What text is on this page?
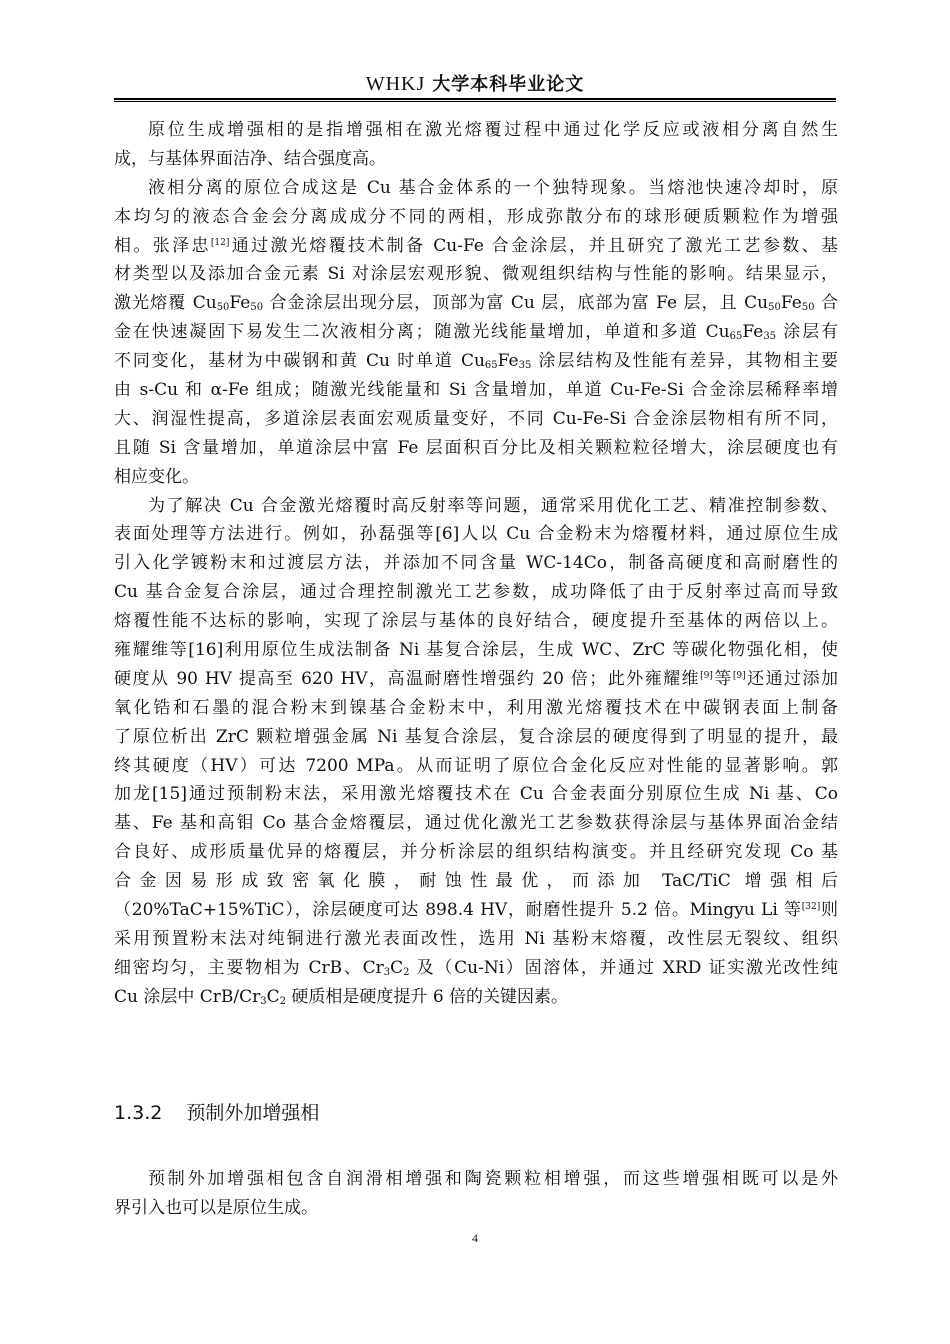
WHKJ 大学本科毕业论文
原位生成增强相的是指增强相在激光熔覆过程中通过化学反应或液相分离自然生
成，与基体界面洁净、结合强度高。
液相分离的原位合成这是 Cu 基合金体系的一个独特现象。当熔池快速冷却时，原
本均匀的液态合金会分离成成分不同的两相，形成弥散分布的球形硬质颗粒作为增强
相。张泽忠[12]通过激光熔覆技术制备 Cu-Fe 合金涂层，并且研究了激光工艺参数、基
材类型以及添加合金元素 Si 对涂层宏观形貌、微观组织结构与性能的影响。结果显示，
激光熔覆 $Cu_{50}Fe_{50}$ 合金涂层出现分层，顶部为富 Cu 层，底部为富 Fe 层，且 $Cu_{50}Fe_{50}$ 合
金在快速凝固下易发生二次液相分离；随激光线能量增加，单道和多道 $Cu_{65}Fe_{35}$ 涂层有
不同变化，基材为中碳钢和黄 Cu 时单道 $Cu_{65}Fe_{35}$ 涂层结构及性能有差异，其物相主要
由 s-Cu 和 α-Fe 组成；随激光线能量和 Si 含量增加，单道 Cu-Fe-Si 合金涂层稀释率增
大、润湿性提高，多道涂层表面宏观质量变好，不同 Cu-Fe-Si 合金涂层物相有所不同，
且随 Si 含量增加，单道涂层中富 Fe 层面积百分比及相关颗粒粒径增大，涂层硬度也有
相应变化。
为了解决 Cu 合金激光熔覆时高反射率等问题，通常采用优化工艺、精准控制参数、
表面处理等方法进行。例如，孙磊强等[6]人以 Cu 合金粉末为熔覆材料，通过原位生成
引入化学镀粉末和过渡层方法，并添加不同含量 WC-14Co，制备高硬度和高耐磨性的
Cu 基合金复合涂层，通过合理控制激光工艺参数，成功降低了由于反射率过高而导致
熔覆性能不达标的影响，实现了涂层与基体的良好结合，硬度提升至基体的两倍以上。
雍耀维等[16]利用原位生成法制备 Ni 基复合涂层，生成 WC、ZrC 等碳化物强化相，使
硬度从 90 HV 提高至 620 HV，高温耐磨性增强约 20 倍；此外雍耀维[9]等[9]还通过添加
氧化锆和石墨的混合粉末到镍基合金粉末中，利用激光熔覆技术在中碳钢表面上制备
了原位析出 ZrC 颗粒增强金属 Ni 基复合涂层，复合涂层的硬度得到了明显的提升，最
终其硬度（HV）可达 7200 MPa。从而证明了原位合金化反应对性能的显著影响。郭
加龙[15]通过预制粉末法，采用激光熔覆技术在 Cu 合金表面分别原位生成 Ni 基、Co
基、Fe 基和高钼 Co 基合金熔覆层，通过优化激光工艺参数获得涂层与基体界面冶金结
合良好、成形质量优异的熔覆层，并分析涂层的组织结构演变。并且经研究发现 Co 基
合金因易形成致密氧化膜，耐蚀性最优，而添加 TaC/TiC 增强相后
（20%TaC+15%TiC），涂层硬度可达 898.4 HV，耐磨性提升 5.2 倍。Mingyu Li 等[32]则
采用预置粉末法对纯铜进行激光表面改性，选用 Ni 基粉末熔覆，改性层无裂纹、组织
细密均匀，主要物相为 CrB、$Cr_3C_2$ 及（Cu-Ni）固溶体，并通过 XRD 证实激光改性纯
Cu 涂层中 CrB/$Cr_3C_2$ 硬质相是硬度提升 6 倍的关键因素。
1.3.2 预制外加增强相
预制外加增强相包含自润滑相增强和陶瓷颗粒相增强，而这些增强相既可以是外
界引入也可以是原位生成。
4
